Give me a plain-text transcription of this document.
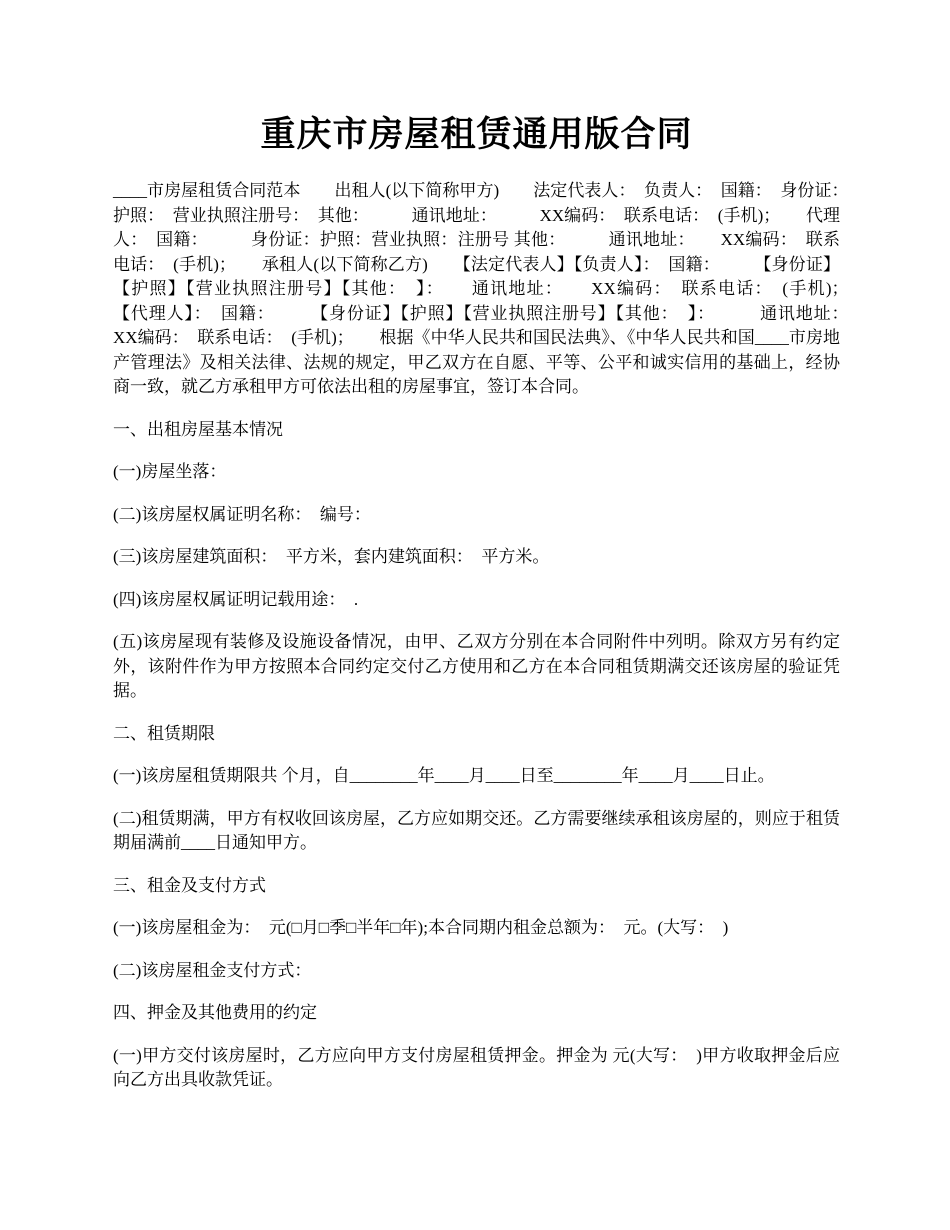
重庆市房屋租赁通用版合同

____市房屋租赁合同范本　　出租人(以下简称甲方)　　法定代表人：　负责人：　国籍：　身份证：　护照：　营业执照注册号：　其他：　　　通讯地址：　　　XX编码：　联系电话：　(手机)；　　代理人：　国籍：　　　身份证：护照：营业执照：注册号 其他：　　　通讯地址：　　XX编码：　联系电话：　(手机)；　　承租人(以下简称乙方)　　【法定代表人】【负责人】：　国籍：　　　【身份证】【护照】【营业执照注册号】【其他：　】：　　通讯地址：　　XX编码：　联系电话：　(手机)；　　【代理人】：　国籍：　　　【身份证】【护照】【营业执照注册号】【其他：　】：　　　通讯地址：　　　XX编码：　联系电话：　(手机)；　　根据《中华人民共和国民法典》、《中华人民共和国____市房地产管理法》及相关法律、法规的规定，甲乙双方在自愿、平等、公平和诚实信用的基础上，经协商一致，就乙方承租甲方可依法出租的房屋事宜，签订本合同。

一、出租房屋基本情况

(一)房屋坐落：

(二)该房屋权属证明名称：　编号：

(三)该房屋建筑面积：　平方米，套内建筑面积：　平方米。

(四)该房屋权属证明记载用途：　.

(五)该房屋现有装修及设施设备情况，由甲、乙双方分别在本合同附件中列明。除双方另有约定外，该附件作为甲方按照本合同约定交付乙方使用和乙方在本合同租赁期满交还该房屋的验证凭据。

二、租赁期限

(一)该房屋租赁期限共 个月，自________年____月____日至________年____月____日止。

(二)租赁期满，甲方有权收回该房屋，乙方应如期交还。乙方需要继续承租该房屋的，则应于租赁期届满前____日通知甲方。

三、租金及支付方式

(一)该房屋租金为：　元(□月□季□半年□年);本合同期内租金总额为：　元。(大写：　)

(二)该房屋租金支付方式：

四、押金及其他费用的约定

(一)甲方交付该房屋时，乙方应向甲方支付房屋租赁押金。押金为 元(大写：　)甲方收取押金后应向乙方出具收款凭证。
